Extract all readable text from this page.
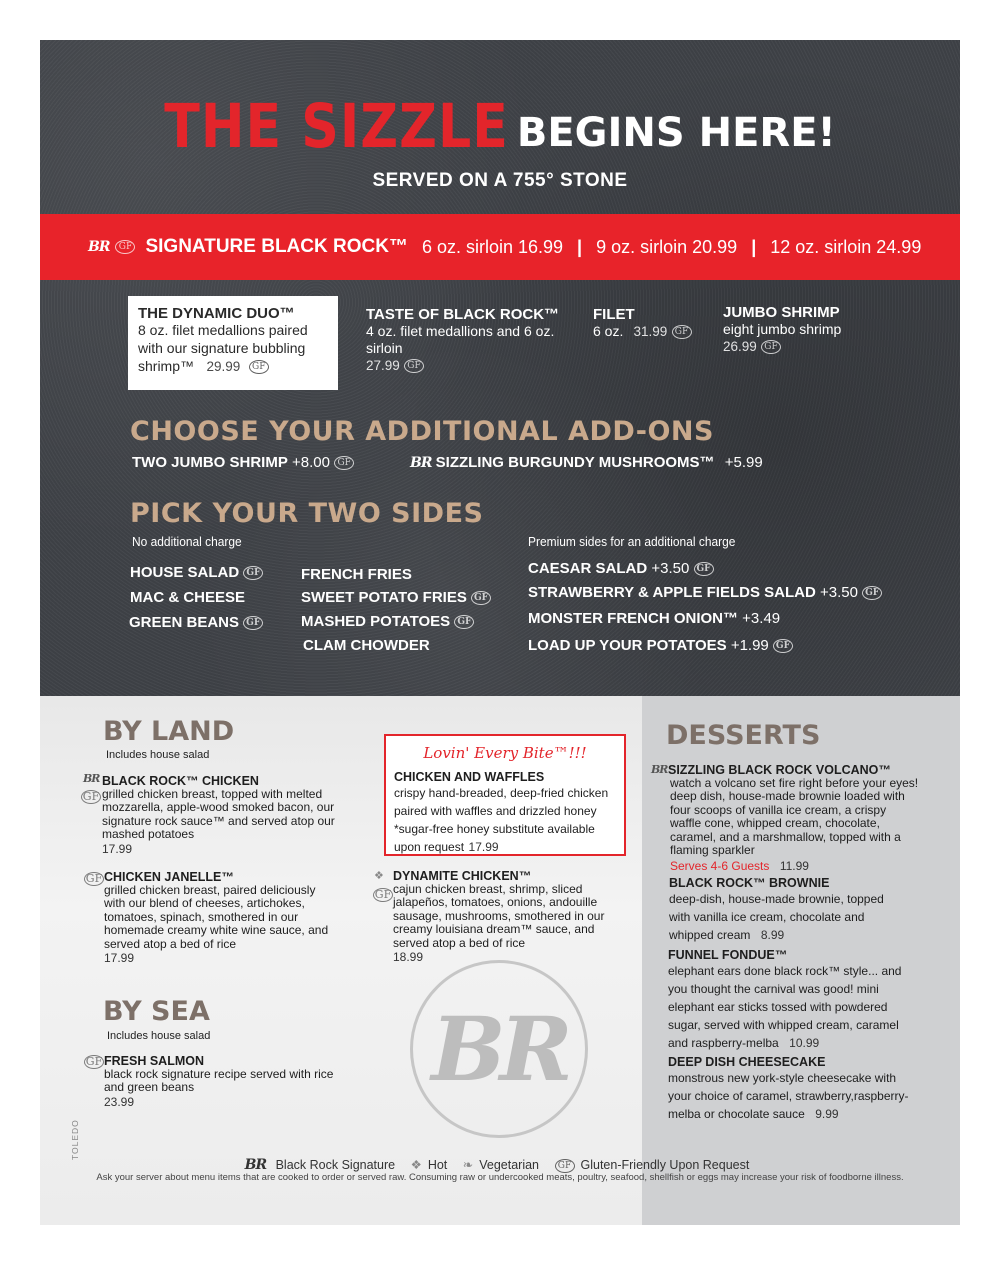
THE SIZZLE BEGINS HERE!
SERVED ON A 755° STONE
BR	GF SIGNATURE BLACK ROCK™ 6 oz. sirloin 16.99 | 9 oz. sirloin 20.99 | 12 oz. sirloin 24.99
THE DYNAMIC DUO™
8 oz. filet medallions paired with our signature bubbling shrimp™ 29.99 GF
TASTE OF BLACK ROCK™
4 oz. filet medallions and 6 oz. sirloin
27.99 GF
FILET
6 oz. 31.99 GF
JUMBO SHRIMP
eight jumbo shrimp
26.99 GF
CHOOSE YOUR ADDITIONAL ADD-ONS
TWO JUMBO SHRIMP +8.00 GF	BR SIZZLING BURGUNDY MUSHROOMS™ +5.99
PICK YOUR TWO SIDES
No additional charge	Premium sides for an additional charge
HOUSE SALAD GF
MAC & CHEESE
GREEN BEANS GF
FRENCH FRIES
SWEET POTATO FRIES GF
MASHED POTATOES GF
CLAM CHOWDER
CAESAR SALAD +3.50 GF
STRAWBERRY & APPLE FIELDS SALAD +3.50 GF
MONSTER FRENCH ONION™ +3.49
LOAD UP YOUR POTATOES +1.99 GF
BY LAND
Includes house salad
BR
GF
BLACK ROCK™ CHICKEN
grilled chicken breast, topped with melted mozzarella, apple-wood smoked bacon, our signature rock sauce™ and served atop our mashed potatoes
17.99
GF CHICKEN JANELLE™
grilled chicken breast, paired deliciously with our blend of cheeses, artichokes, tomatoes, spinach, smothered in our homemade creamy white wine sauce, and served atop a bed of rice
17.99
BY SEA
Includes house salad
GF FRESH SALMON
black rock signature recipe served with rice and green beans
23.99
Lovin' Every Bite™!!!
CHICKEN AND WAFFLES
crispy hand-breaded, deep-fried chicken paired with waffles and drizzled honey *sugar-free honey substitute available upon request 17.99
❖
GF
DYNAMITE CHICKEN™
cajun chicken breast, shrimp, sliced jalapeños, tomatoes, onions, andouille sausage, mushrooms, smothered in our creamy louisiana dream™ sauce, and served atop a bed of rice
18.99
BR
DESSERTS
BR SIZZLING BLACK ROCK VOLCANO™
watch a volcano set fire right before your eyes! deep dish, house-made brownie loaded with four scoops of vanilla ice cream, a crispy waffle cone, whipped cream, chocolate, caramel, and a marshmallow, topped with a flaming sparkler
Serves 4-6 Guests 11.99
BLACK ROCK™ BROWNIE
deep-dish, house-made brownie, topped with vanilla ice cream, chocolate and whipped cream 8.99
FUNNEL FONDUE™
elephant ears done black rock™ style... and you thought the carnival was good! mini elephant ear sticks tossed with powdered sugar, served with whipped cream, caramel and raspberry-melba 10.99
DEEP DISH CHEESECAKE
monstrous new york-style cheesecake with your choice of caramel, strawberry,raspberry-melba or chocolate sauce 9.99
BR Black Rock Signature ❖ Hot ❧ Vegetarian GF Gluten-Friendly Upon Request
Ask your server about menu items that are cooked to order or served raw. Consuming raw or undercooked meats, poultry, seafood, shellfish or eggs may increase your risk of foodborne illness.
TOLEDO
